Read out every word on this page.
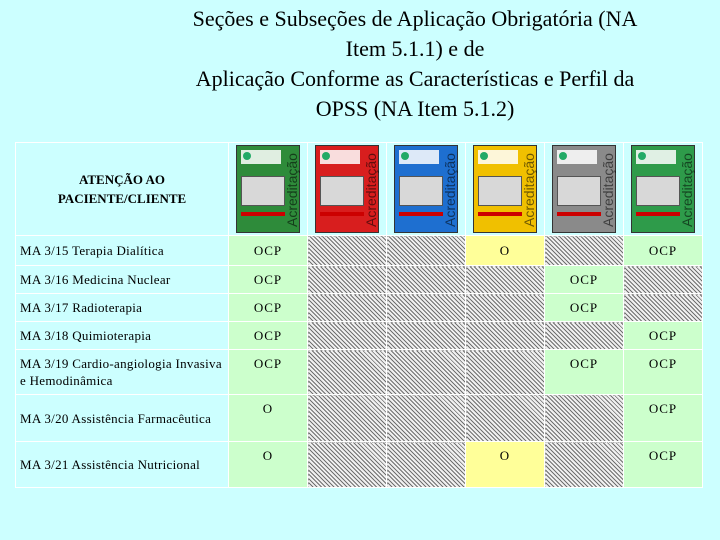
Seções e Subseções de Aplicação Obrigatória (NA
Item 5.1.1) e de
Aplicação Conforme as Características e Perfil da
OPSS (NA Item 5.1.2)
ATENÇÃO AO PACIENTE/CLIENTE	Acreditação	Acreditação	Acreditação	Acreditação	Acreditação	Acreditação

MA 3/15 Terapia Dialítica	OCP			O		OCP
MA 3/16 Medicina Nuclear	OCP				OCP	
MA 3/17 Radioterapia	OCP				OCP	
MA 3/18 Quimioterapia	OCP					OCP
MA 3/19 Cardio-angiologia Invasiva e Hemodinâmica	OCP				OCP	OCP
MA 3/20 Assistência Farmacêutica	O					OCP
MA 3/21 Assistência Nutricional	O			O		OCP
